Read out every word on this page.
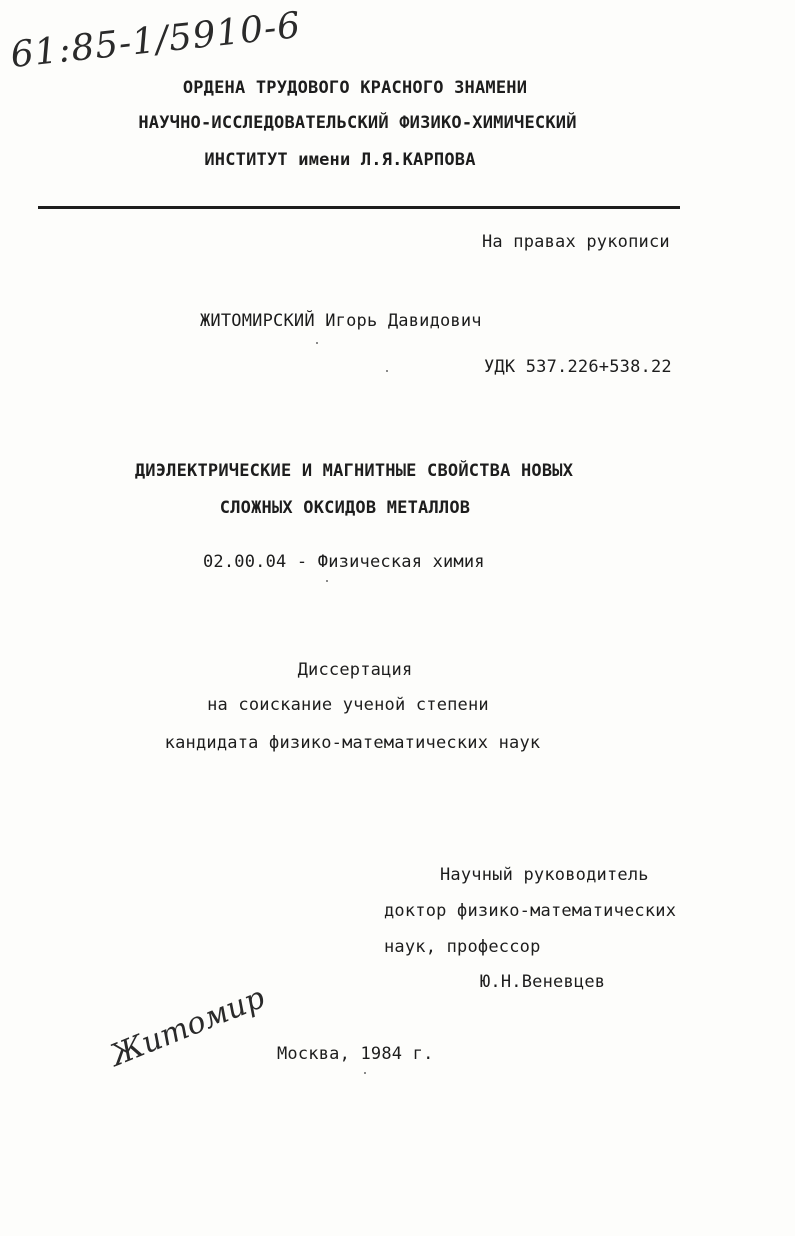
61:85-1/5910-6
ОРДЕНА ТРУДОВОГО КРАСНОГО ЗНАМЕНИ
НАУЧНО-ИССЛЕДОВАТЕЛЬСКИЙ ФИЗИКО-ХИМИЧЕСКИЙ
ИНСТИТУТ имени Л.Я.КАРПОВА
На правах рукописи
ЖИТОМИРСКИЙ Игорь Давидович
УДК 537.226+538.22
ДИЭЛЕКТРИЧЕСКИЕ И МАГНИТНЫЕ СВОЙСТВА НОВЫХ
СЛОЖНЫХ ОКСИДОВ МЕТАЛЛОВ
02.00.04 - Физическая химия
Диссертация
на соискание ученой степени
кандидата физико-математических наук
Научный руководитель
доктор физико-математических
наук, профессор
Ю.Н.Веневцев
Житомир Москва, 1984 г.
